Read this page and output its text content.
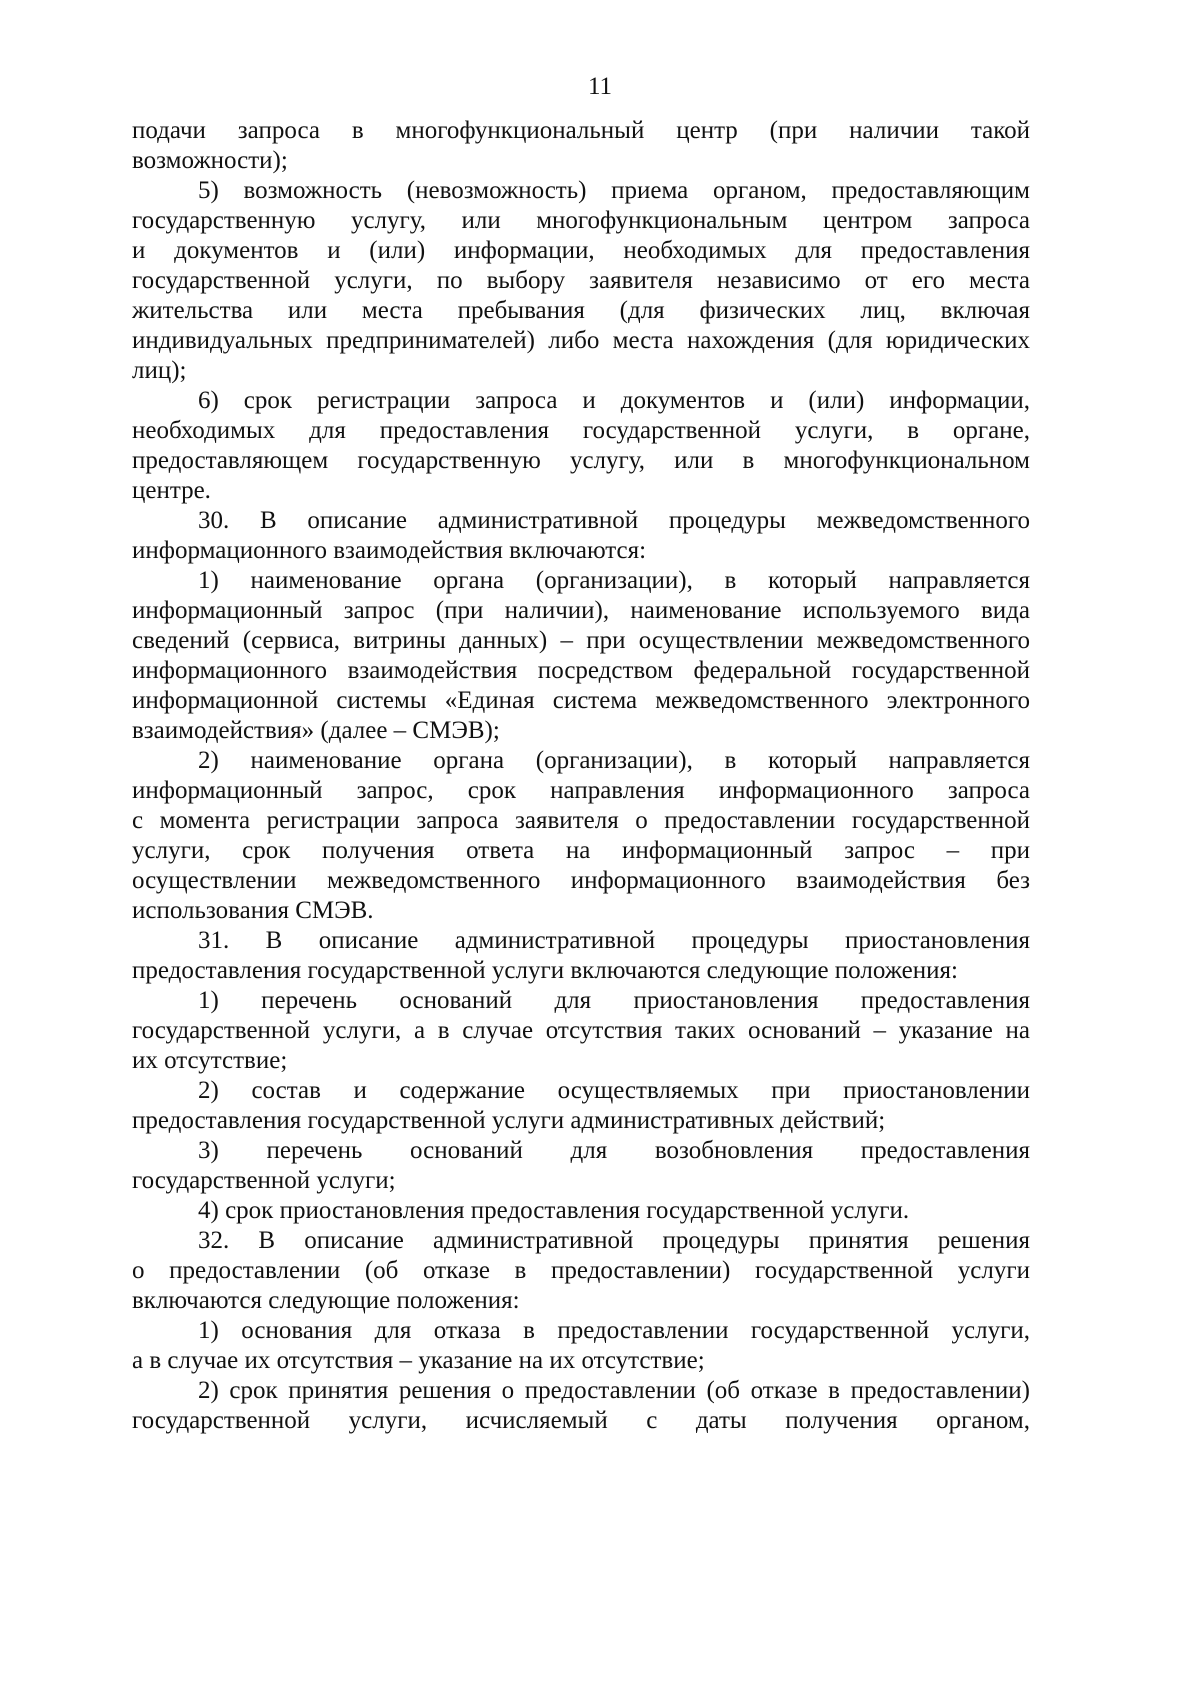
11
подачи запроса в многофункциональный центр (при наличии такой
возможности);
5) возможность (невозможность) приема органом, предоставляющим
государственную услугу, или многофункциональным центром запроса
и документов и (или) информации, необходимых для предоставления
государственной услуги, по выбору заявителя независимо от его места
жительства или места пребывания (для физических лиц, включая
индивидуальных предпринимателей) либо места нахождения (для юридических
лиц);
6) срок регистрации запроса и документов и (или) информации,
необходимых для предоставления государственной услуги, в органе,
предоставляющем государственную услугу, или в многофункциональном
центре.
30. В описание административной процедуры межведомственного
информационного взаимодействия включаются:
1) наименование органа (организации), в который направляется
информационный запрос (при наличии), наименование используемого вида
сведений (сервиса, витрины данных) – при осуществлении межведомственного
информационного взаимодействия посредством федеральной государственной
информационной системы «Единая система межведомственного электронного
взаимодействия» (далее – СМЭВ);
2) наименование органа (организации), в который направляется
информационный запрос, срок направления информационного запроса
с момента регистрации запроса заявителя о предоставлении государственной
услуги, срок получения ответа на информационный запрос – при
осуществлении межведомственного информационного взаимодействия без
использования СМЭВ.
31. В описание административной процедуры приостановления
предоставления государственной услуги включаются следующие положения:
1) перечень оснований для приостановления предоставления
государственной услуги, а в случае отсутствия таких оснований – указание на
их отсутствие;
2) состав и содержание осуществляемых при приостановлении
предоставления государственной услуги административных действий;
3) перечень оснований для возобновления предоставления
государственной услуги;
4) срок приостановления предоставления государственной услуги.
32. В описание административной процедуры принятия решения
о предоставлении (об отказе в предоставлении) государственной услуги
включаются следующие положения:
1) основания для отказа в предоставлении государственной услуги,
а в случае их отсутствия – указание на их отсутствие;
2) срок принятия решения о предоставлении (об отказе в предоставлении)
государственной услуги, исчисляемый с даты получения органом,
